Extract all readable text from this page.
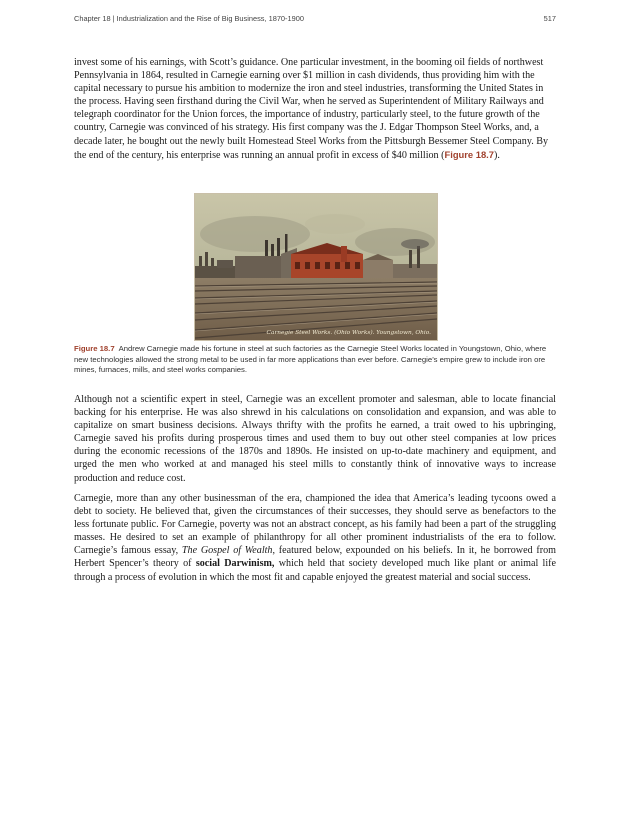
Chapter 18 | Industrialization and the Rise of Big Business, 1870-1900	517

invest some of his earnings, with Scott’s guidance. One particular investment, in the booming oil fields of northwest Pennsylvania in 1864, resulted in Carnegie earning over $1 million in cash dividends, thus providing him with the capital necessary to pursue his ambition to modernize the iron and steel industries, transforming the United States in the process. Having seen firsthand during the Civil War, when he served as Superintendent of Military Railways and telegraph coordinator for the Union forces, the importance of industry, particularly steel, to the future growth of the country, Carnegie was convinced of his strategy. His first company was the J. Edgar Thompson Steel Works, and, a decade later, he bought out the newly built Homestead Steel Works from the Pittsburgh Bessemer Steel Company. By the end of the century, his enterprise was running an annual profit in excess of $40 million (Figure 18.7).

Carnegie Steel Works. (Ohio Works). Youngstown, Ohio.

Figure 18.7 Andrew Carnegie made his fortune in steel at such factories as the Carnegie Steel Works located in Youngstown, Ohio, where new technologies allowed the strong metal to be used in far more applications than ever before. Carnegie’s empire grew to include iron ore mines, furnaces, mills, and steel works companies.

Although not a scientific expert in steel, Carnegie was an excellent promoter and salesman, able to locate financial backing for his enterprise. He was also shrewd in his calculations on consolidation and expansion, and was able to capitalize on smart business decisions. Always thrifty with the profits he earned, a trait owed to his upbringing, Carnegie saved his profits during prosperous times and used them to buy out other steel companies at low prices during the economic recessions of the 1870s and 1890s. He insisted on up-to-date machinery and equipment, and urged the men who worked at and managed his steel mills to constantly think of innovative ways to increase production and reduce cost.

Carnegie, more than any other businessman of the era, championed the idea that America’s leading tycoons owed a debt to society. He believed that, given the circumstances of their successes, they should serve as benefactors to the less fortunate public. For Carnegie, poverty was not an abstract concept, as his family had been a part of the struggling masses. He desired to set an example of philanthropy for all other prominent industrialists of the era to follow. Carnegie’s famous essay, The Gospel of Wealth, featured below, expounded on his beliefs. In it, he borrowed from Herbert Spencer’s theory of social Darwinism, which held that society developed much like plant or animal life through a process of evolution in which the most fit and capable enjoyed the greatest material and social success.
